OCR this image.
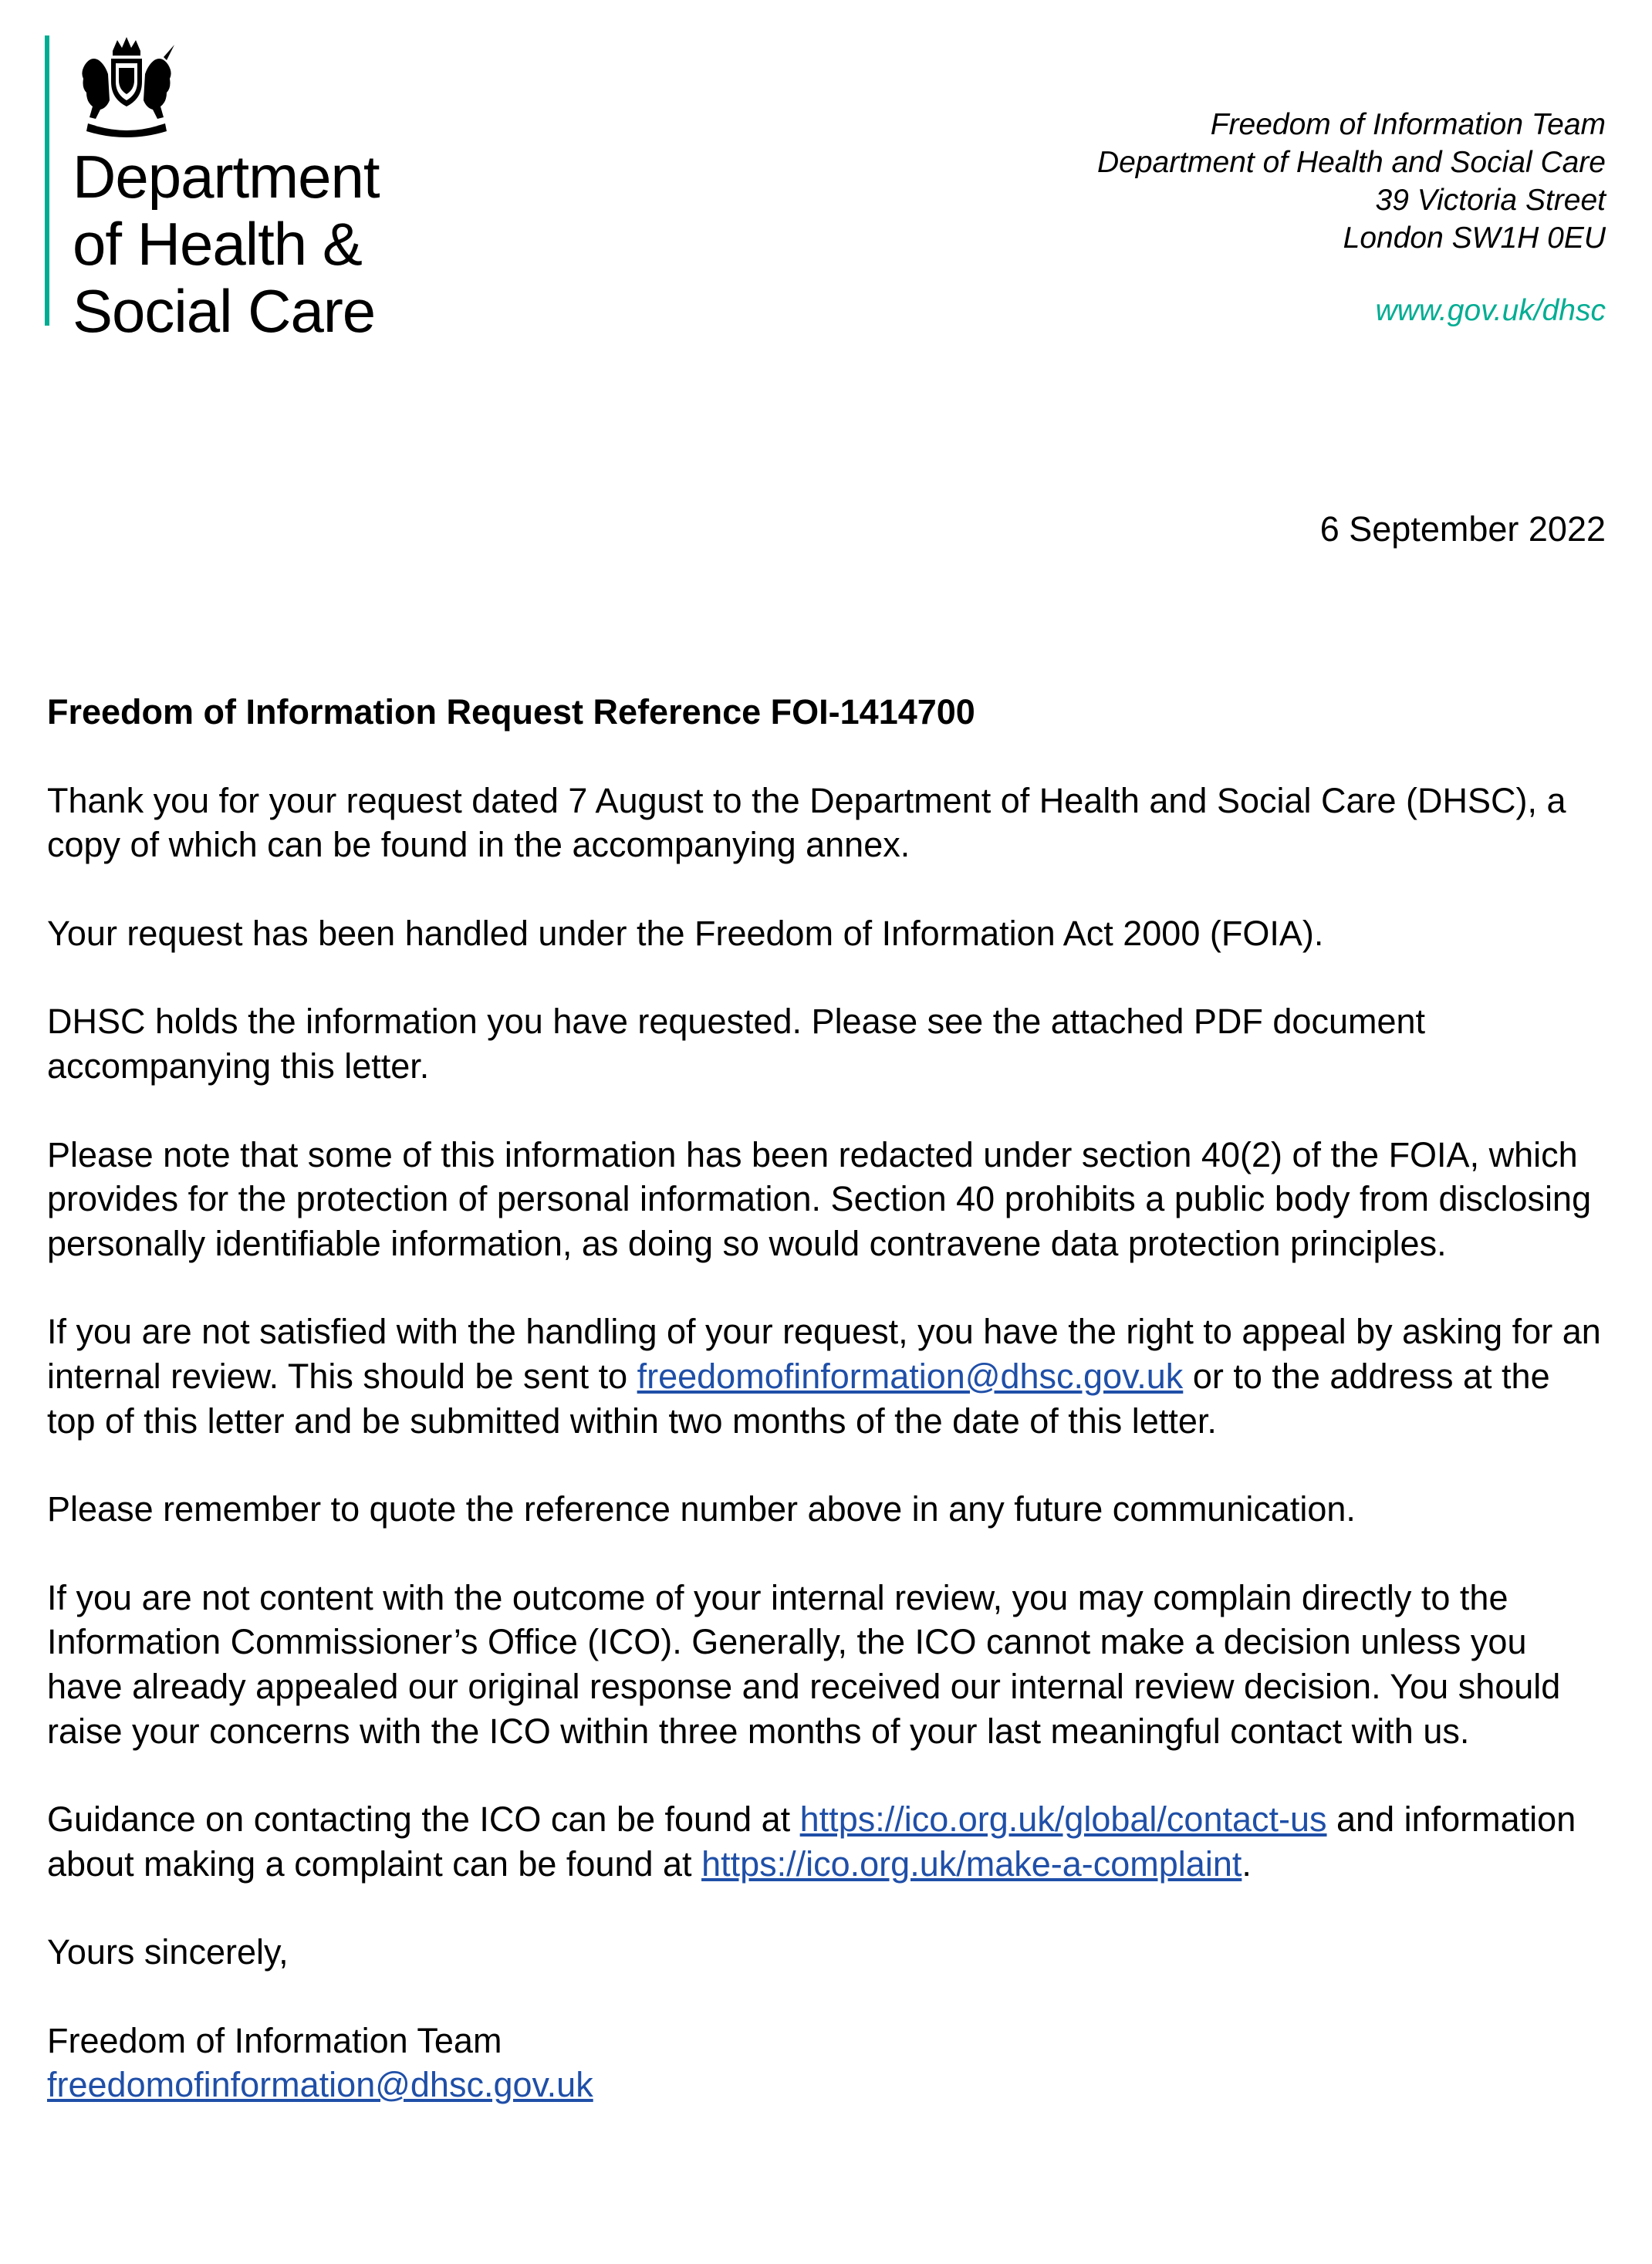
Department
of Health &
Social Care
Freedom of Information Team
Department of Health and Social Care
39 Victoria Street
London SW1H 0EU
www.gov.uk/dhsc
6 September 2022
Freedom of Information Request Reference FOI-1414700

Thank you for your request dated 7 August to the Department of Health and Social Care (DHSC), a copy of which can be found in the accompanying annex.

Your request has been handled under the Freedom of Information Act 2000 (FOIA).

DHSC holds the information you have requested. Please see the attached PDF document accompanying this letter.

Please note that some of this information has been redacted under section 40(2) of the FOIA, which provides for the protection of personal information. Section 40 prohibits a public body from disclosing personally identifiable information, as doing so would contravene data protection principles.

If you are not satisfied with the handling of your request, you have the right to appeal by asking for an internal review. This should be sent to freedomofinformation@dhsc.gov.uk or to the address at the top of this letter and be submitted within two months of the date of this letter.

Please remember to quote the reference number above in any future communication.

If you are not content with the outcome of your internal review, you may complain directly to the Information Commissioner’s Office (ICO). Generally, the ICO cannot make a decision unless you have already appealed our original response and received our internal review decision. You should raise your concerns with the ICO within three months of your last meaningful contact with us.

Guidance on contacting the ICO can be found at https://ico.org.uk/global/contact-us and information about making a complaint can be found at https://ico.org.uk/make-a-complaint.

Yours sincerely,

Freedom of Information Team

freedomofinformation@dhsc.gov.uk
